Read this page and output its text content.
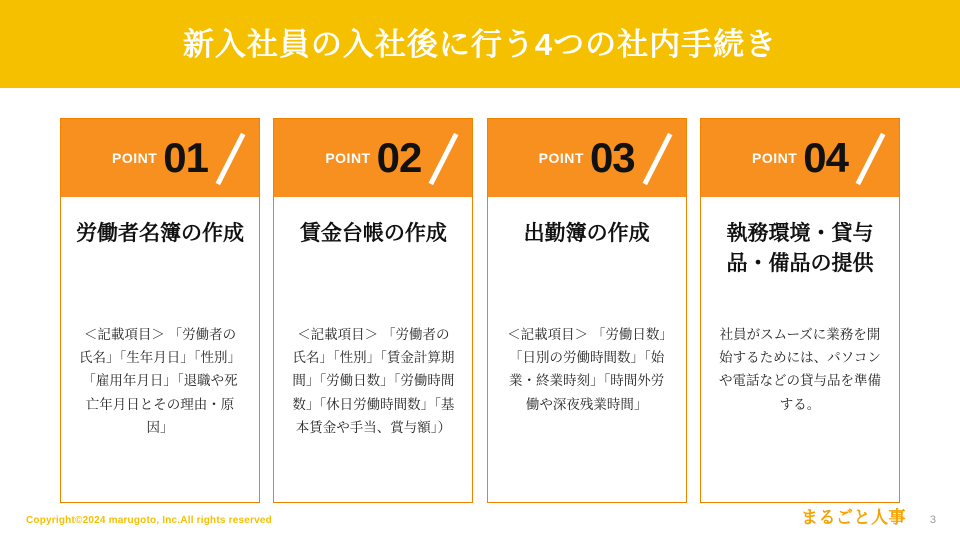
新入社員の入社後に行う4つの社内手続き
POINT 01
労働者名簿の作成
＜記載項目＞ 「労働者の氏名」「生年月日」「性別」「雇用年月日」「退職や死亡年月日とその理由・原因」
POINT 02
賃金台帳の作成
＜記載項目＞ 「労働者の氏名」「性別」「賃金計算期間」「労働日数」「労働時間数」「休日労働時間数」「基本賃金や手当、賞与額」）
POINT 03
出勤簿の作成
＜記載項目＞ 「労働日数」「日別の労働時間数」「始業・終業時刻」「時間外労働や深夜残業時間」
POINT 04
執務環境・貸与品・備品の提供
社員がスムーズに業務を開始するためには、パソコンや電話などの貸与品を準備する。
Copyright©2024 marugoto, Inc.All rights reserved	まるごと人事 3
